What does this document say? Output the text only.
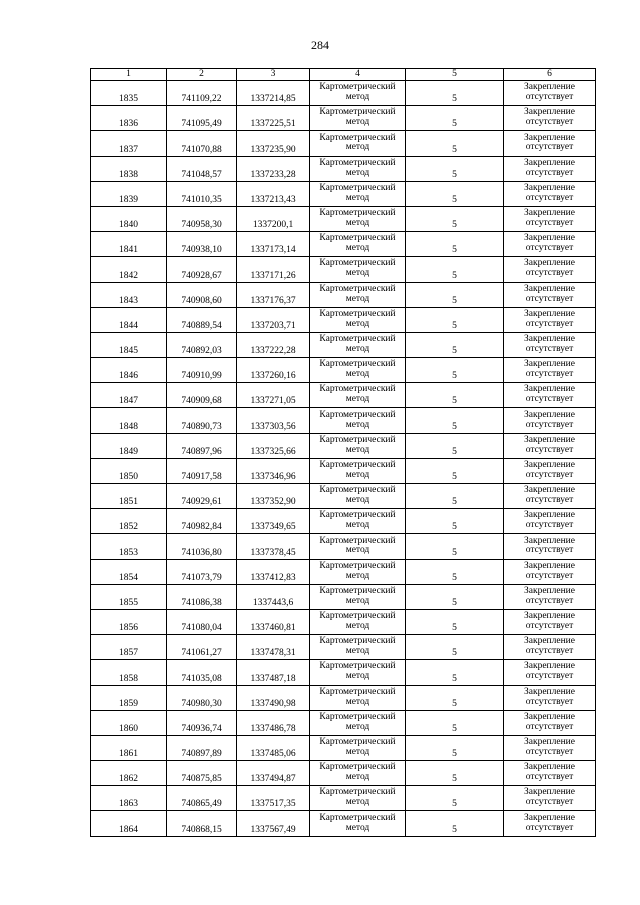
284
1	2	3	4	5	6
1835	741109,22	1337214,85	Картометрический метод	5	Закрепление отсутствует
1836	741095,49	1337225,51	Картометрический метод	5	Закрепление отсутствует
1837	741070,88	1337235,90	Картометрический метод	5	Закрепление отсутствует
1838	741048,57	1337233,28	Картометрический метод	5	Закрепление отсутствует
1839	741010,35	1337213,43	Картометрический метод	5	Закрепление отсутствует
1840	740958,30	1337200,1	Картометрический метод	5	Закрепление отсутствует
1841	740938,10	1337173,14	Картометрический метод	5	Закрепление отсутствует
1842	740928,67	1337171,26	Картометрический метод	5	Закрепление отсутствует
1843	740908,60	1337176,37	Картометрический метод	5	Закрепление отсутствует
1844	740889,54	1337203,71	Картометрический метод	5	Закрепление отсутствует
1845	740892,03	1337222,28	Картометрический метод	5	Закрепление отсутствует
1846	740910,99	1337260,16	Картометрический метод	5	Закрепление отсутствует
1847	740909,68	1337271,05	Картометрический метод	5	Закрепление отсутствует
1848	740890,73	1337303,56	Картометрический метод	5	Закрепление отсутствует
1849	740897,96	1337325,66	Картометрический метод	5	Закрепление отсутствует
1850	740917,58	1337346,96	Картометрический метод	5	Закрепление отсутствует
1851	740929,61	1337352,90	Картометрический метод	5	Закрепление отсутствует
1852	740982,84	1337349,65	Картометрический метод	5	Закрепление отсутствует
1853	741036,80	1337378,45	Картометрический метод	5	Закрепление отсутствует
1854	741073,79	1337412,83	Картометрический метод	5	Закрепление отсутствует
1855	741086,38	1337443,6	Картометрический метод	5	Закрепление отсутствует
1856	741080,04	1337460,81	Картометрический метод	5	Закрепление отсутствует
1857	741061,27	1337478,31	Картометрический метод	5	Закрепление отсутствует
1858	741035,08	1337487,18	Картометрический метод	5	Закрепление отсутствует
1859	740980,30	1337490,98	Картометрический метод	5	Закрепление отсутствует
1860	740936,74	1337486,78	Картометрический метод	5	Закрепление отсутствует
1861	740897,89	1337485,06	Картометрический метод	5	Закрепление отсутствует
1862	740875,85	1337494,87	Картометрический метод	5	Закрепление отсутствует
1863	740865,49	1337517,35	Картометрический метод	5	Закрепление отсутствует
1864	740868,15	1337567,49	Картометрический метод	5	Закрепление отсутствует
